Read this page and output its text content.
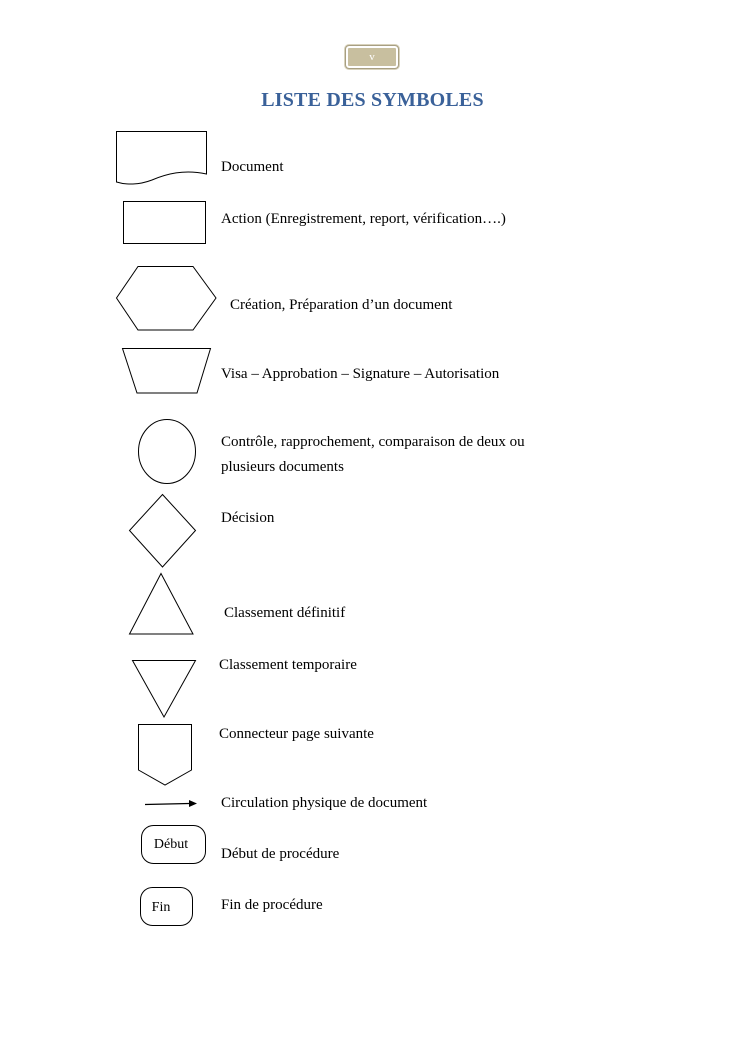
v
LISTE DES SYMBOLES
Document
Action (Enregistrement, report, vérification….)
Création, Préparation d’un document
Visa – Approbation – Signature – Autorisation
Contrôle, rapprochement, comparaison de deux ou plusieurs documents
Décision
Classement définitif
Classement temporaire
Connecteur page suivante
Circulation physique de document
Début
Début de procédure
Fin	Fin de procédure
